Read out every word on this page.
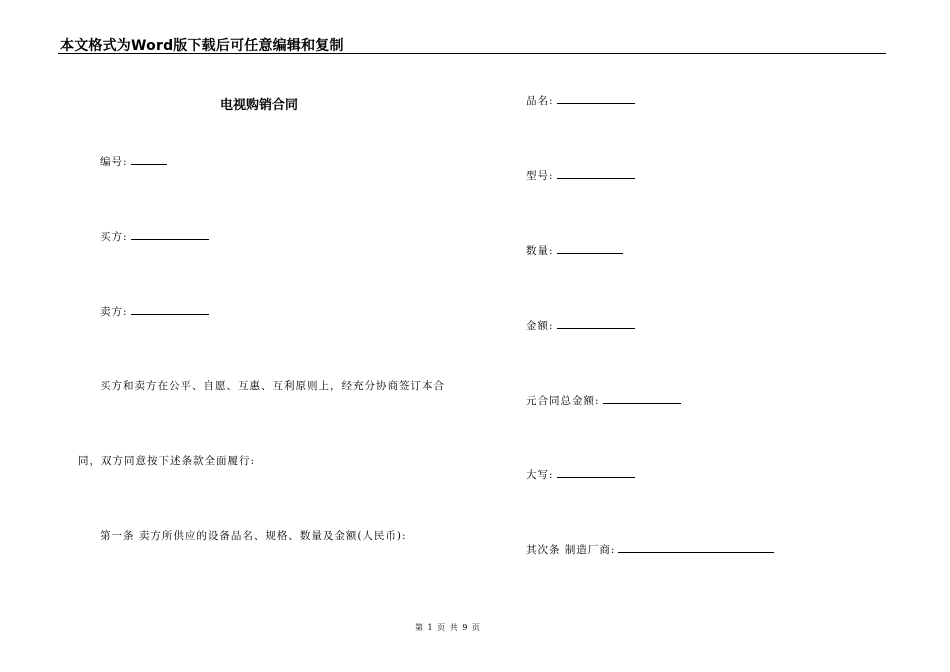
本文格式为Word版下载后可任意编辑和复制
电视购销合同
编号:
买方:
卖方:
买方和卖方在公平、自愿、互惠、互利原则上，经充分协商签订本合
同，双方同意按下述条款全面履行:
第一条 卖方所供应的设备品名、规格、数量及金额(人民币):
品名:
型号:
数量:
金额:
元合同总金额:
大写:
其次条 制造厂商:
第 1 页 共 9 页
